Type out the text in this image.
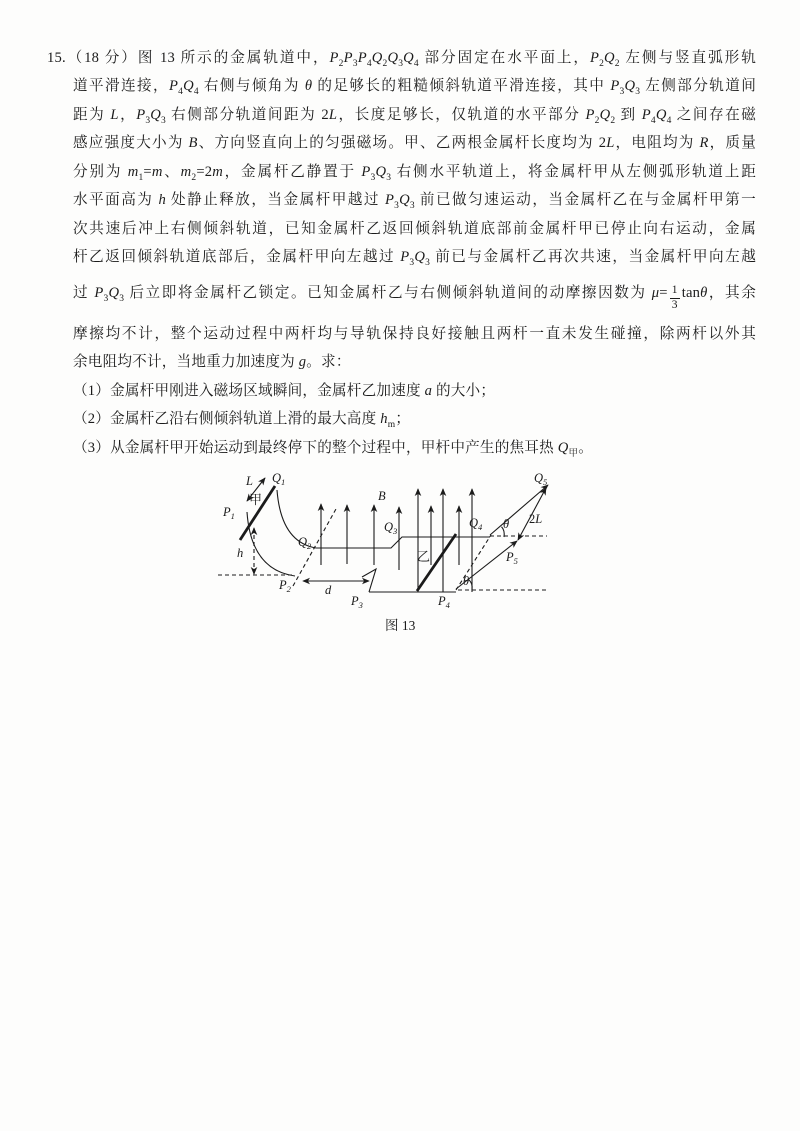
15.（18 分）图 13 所示的金属轨道中，$P_2P_3P_4Q_2Q_3Q_4$ 部分固定在水平面上，$P_2Q_2$ 左侧与竖直弧形轨
道平滑连接，$P_4Q_4$ 右侧与倾角为 θ 的足够长的粗糙倾斜轨道平滑连接，其中 $P_3Q_3$ 左侧部分轨道间
距为 L，$P_3Q_3$ 右侧部分轨道间距为 2L，长度足够长，仅轨道的水平部分 $P_2Q_2$ 到 $P_4Q_4$ 之间存在磁
感应强度大小为 B、方向竖直向上的匀强磁场。甲、乙两根金属杆长度均为 2L，电阻均为 R，质量
分别为 $m_1=m$、$m_2=2m$，金属杆乙静置于 $P_3Q_3$ 右侧水平轨道上，将金属杆甲从左侧弧形轨道上距
水平面高为 h 处静止释放，当金属杆甲越过 $P_3Q_3$ 前已做匀速运动，当金属杆乙在与金属杆甲第一
次共速后冲上右侧倾斜轨道，已知金属杆乙返回倾斜轨道底部前金属杆甲已停止向右运动，金属
杆乙返回倾斜轨道底部后，金属杆甲向左越过 $P_3Q_3$ 前已与金属杆乙再次共速，当金属杆甲向左越
过 $P_3Q_3$ 后立即将金属杆乙锁定。已知金属杆乙与右侧倾斜轨道间的动摩擦因数为 $\mu= \frac{1}{3}$ tanθ，其余
摩擦均不计，整个运动过程中两杆均与导轨保持良好接触且两杆一直未发生碰撞，除两杆以外其
余电阻均不计，当地重力加速度为 g。求：
（1）金属杆甲刚进入磁场区域瞬间，金属杆乙加速度 a 的大小；
（2）金属杆乙沿右侧倾斜轨道上滑的最大高度 $h_m$；
（3）从金属杆甲开始运动到最终停下的整个过程中，甲杆中产生的焦耳热 $Q_甲$。
L $Q_1$
甲
$P_1$
h
$Q_2$
B
$Q_3$
乙
$Q_4$ θ
$Q_5$
2L
$P_5$
θ
$P_2$	d
$P_3$	$P_4$
图 13
